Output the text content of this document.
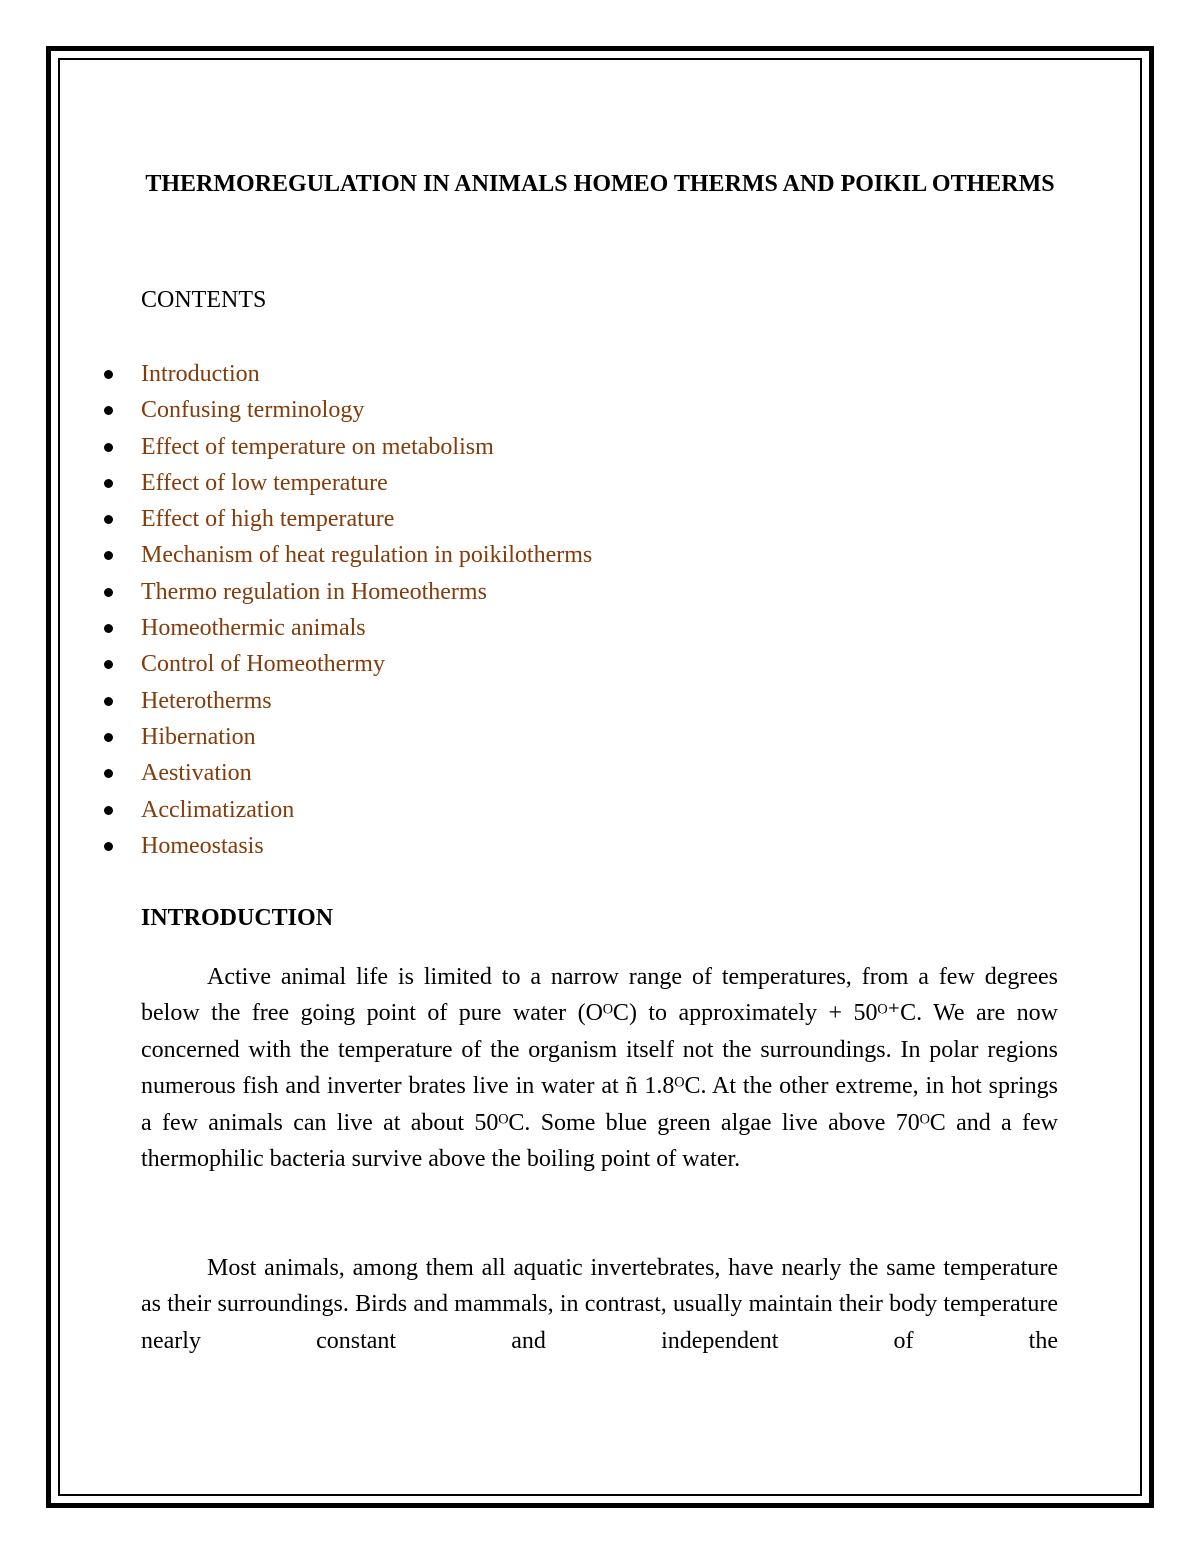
THERMOREGULATION IN ANIMALS HOMEO THERMS AND POIKIL OTHERMS
CONTENTS
Introduction
Confusing terminology
Effect of temperature on metabolism
Effect of low temperature
Effect of high temperature
Mechanism of heat regulation in poikilotherms
Thermo regulation in Homeotherms
Homeothermic animals
Control of Homeothermy
Heterotherms
Hibernation
Aestivation
Acclimatization
Homeostasis
INTRODUCTION

Active animal life is limited to a narrow range of temperatures, from a few degrees below the free going point of pure water (OᴼC) to approximately + 50ᴼ⁺C. We are now concerned with the temperature of the organism itself not the surroundings. In polar regions numerous fish and inverter brates live in water at ñ 1.8ᴼC. At the other extreme, in hot springs a few animals can live at about 50ᴼC. Some blue green algae live above 70ᴼC and a few thermophilic bacteria survive above the boiling point of water.

Most animals, among them all aquatic invertebrates, have nearly the same temperature as their surroundings. Birds and mammals, in contrast, usually maintain their body temperature nearly constant and independent of the
